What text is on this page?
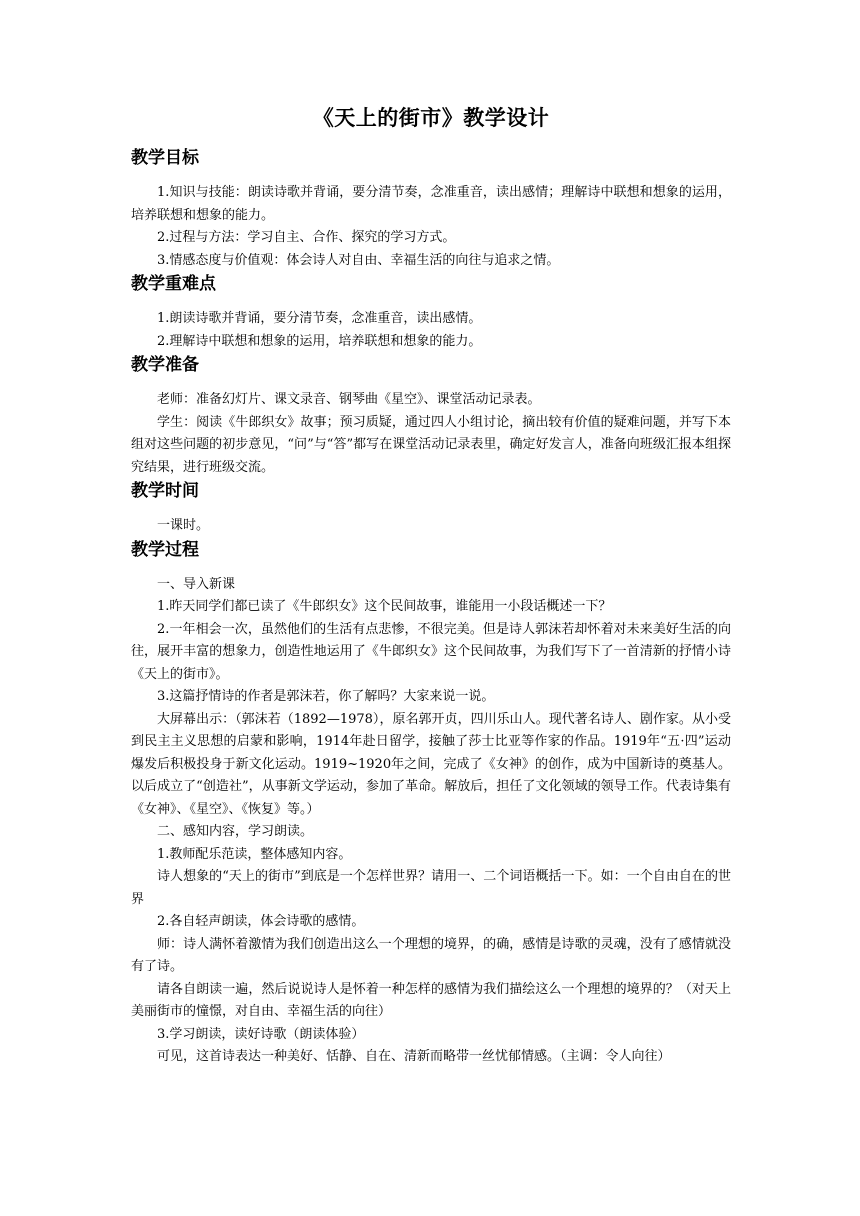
《天上的街市》教学设计
教学目标

1.知识与技能：朗读诗歌并背诵，要分清节奏，念准重音，读出感情；理解诗中联想和想象的运用，培养联想和想象的能力。

2.过程与方法：学习自主、合作、探究的学习方式。

3.情感态度与价值观：体会诗人对自由、幸福生活的向往与追求之情。

教学重难点

1.朗读诗歌并背诵，要分清节奏，念准重音，读出感情。

2.理解诗中联想和想象的运用，培养联想和想象的能力。

教学准备

老师：准备幻灯片、课文录音、钢琴曲《星空》、课堂活动记录表。

学生：阅读《牛郎织女》故事；预习质疑，通过四人小组讨论，摘出较有价值的疑难问题，并写下本组对这些问题的初步意见，“问”与“答”都写在课堂活动记录表里，确定好发言人，准备向班级汇报本组探究结果，进行班级交流。

教学时间

一课时。

教学过程

一、导入新课

1.昨天同学们都已读了《牛郎织女》这个民间故事，谁能用一小段话概述一下？

2.一年相会一次，虽然他们的生活有点悲惨，不很完美。但是诗人郭沫若却怀着对未来美好生活的向往，展开丰富的想象力，创造性地运用了《牛郎织女》这个民间故事，为我们写下了一首清新的抒情小诗《天上的街市》。

3.这篇抒情诗的作者是郭沫若，你了解吗？大家来说一说。

大屏幕出示：（郭沫若（1892—1978），原名郭开贞，四川乐山人。现代著名诗人、剧作家。从小受到民主主义思想的启蒙和影响，1914年赴日留学，接触了莎士比亚等作家的作品。1919年“五·四”运动爆发后积极投身于新文化运动。1919~1920年之间，完成了《女神》的创作，成为中国新诗的奠基人。以后成立了“创造社”，从事新文学运动，参加了革命。解放后，担任了文化领域的领导工作。代表诗集有《女神》、《星空》、《恢复》等。）

二、感知内容，学习朗读。

1.教师配乐范读，整体感知内容。

诗人想象的“天上的街市”到底是一个怎样世界？请用一、二个词语概括一下。如：一个自由自在的世界

2.各自轻声朗读，体会诗歌的感情。

师：诗人满怀着激情为我们创造出这么一个理想的境界，的确，感情是诗歌的灵魂，没有了感情就没有了诗。

请各自朗读一遍，然后说说诗人是怀着一种怎样的感情为我们描绘这么一个理想的境界的？（对天上美丽街市的憧憬，对自由、幸福生活的向往）

3.学习朗读，读好诗歌（朗读体验）

可见，这首诗表达一种美好、恬静、自在、清新而略带一丝忧郁情感。（主调：令人向往）
